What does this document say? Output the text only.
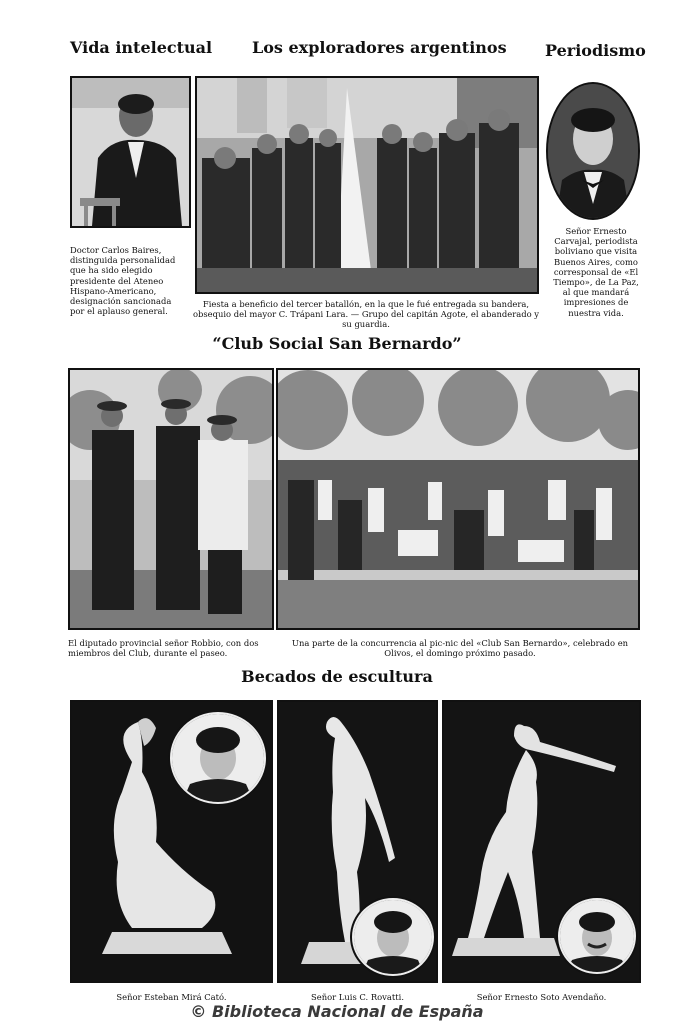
Vida intelectual Los exploradores argentinos Periodismo
Doctor Carlos Baires, distinguida personalidad que ha sido elegido presidente del Ateneo Hispano-Americano, designación sancionada por el aplauso general.
Fiesta a beneficio del tercer batallón, en la que le fué entregada su bandera, obsequio del mayor C. Trápani Lara. — Grupo del capitán Agote, el abanderado y su guardia.
Señor Ernesto Carvajal, periodista boliviano que visita Buenos Aires, como corresponsal de «El Tiempo», de La Paz, al que mandará impresiones de nuestra vida.
“Club Social San Bernardo”
El diputado provincial señor Robbio, con dos miembros del Club, durante el paseo.
Una parte de la concurrencia al pic-nic del «Club San Bernardo», celebrado en Olivos, el domingo próximo pasado.
Becados de escultura
Señor Esteban Mirá Cató.	Señor Luis C. Rovatti.	Señor Ernesto Soto Avendaño.
© Biblioteca Nacional de España
